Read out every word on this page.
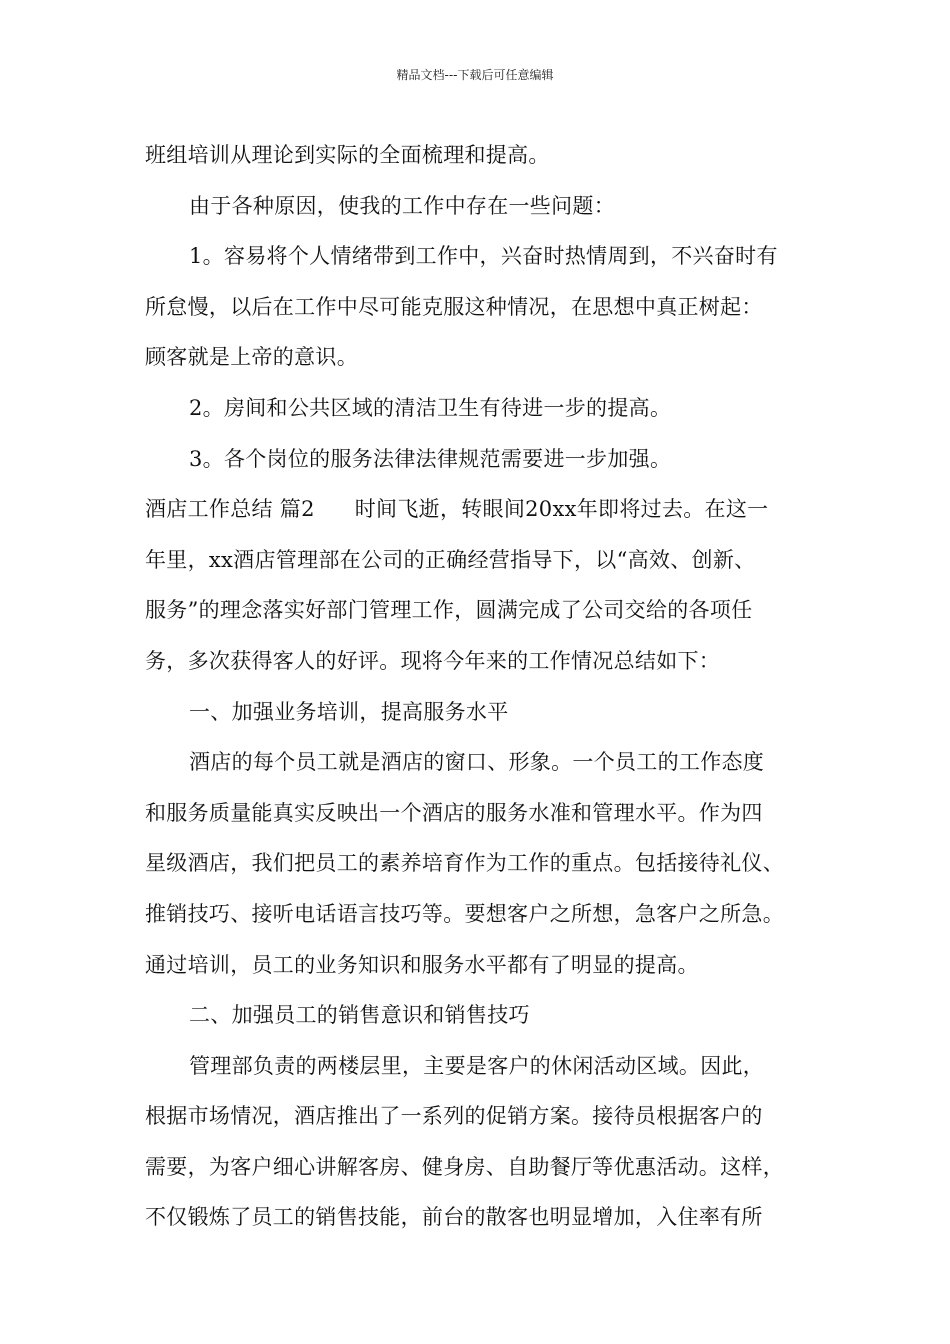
精品文档---下载后可任意编辑
班组培训从理论到实际的全面梳理和提高。
由于各种原因，使我的工作中存在一些问题：
1。容易将个人情绪带到工作中，兴奋时热情周到，不兴奋时有
所怠慢，以后在工作中尽可能克服这种情况，在思想中真正树起：
顾客就是上帝的意识。
2。房间和公共区域的清洁卫生有待进一步的提高。
3。各个岗位的服务法律法律规范需要进一步加强。
酒店工作总结 篇2 时间飞逝，转眼间20xx年即将过去。在这一
年里，xx酒店管理部在公司的正确经营指导下，以“高效、创新、
服务”的理念落实好部门管理工作，圆满完成了公司交给的各项任
务，多次获得客人的好评。现将今年来的工作情况总结如下：
一、加强业务培训，提高服务水平
酒店的每个员工就是酒店的窗口、形象。一个员工的工作态度
和服务质量能真实反映出一个酒店的服务水准和管理水平。作为四
星级酒店，我们把员工的素养培育作为工作的重点。包括接待礼仪、
推销技巧、接听电话语言技巧等。要想客户之所想，急客户之所急。
通过培训，员工的业务知识和服务水平都有了明显的提高。
二、加强员工的销售意识和销售技巧
管理部负责的两楼层里，主要是客户的休闲活动区域。因此，
根据市场情况，酒店推出了一系列的促销方案。接待员根据客户的
需要，为客户细心讲解客房、健身房、自助餐厅等优惠活动。这样，
不仅锻炼了员工的销售技能，前台的散客也明显增加，入住率有所
